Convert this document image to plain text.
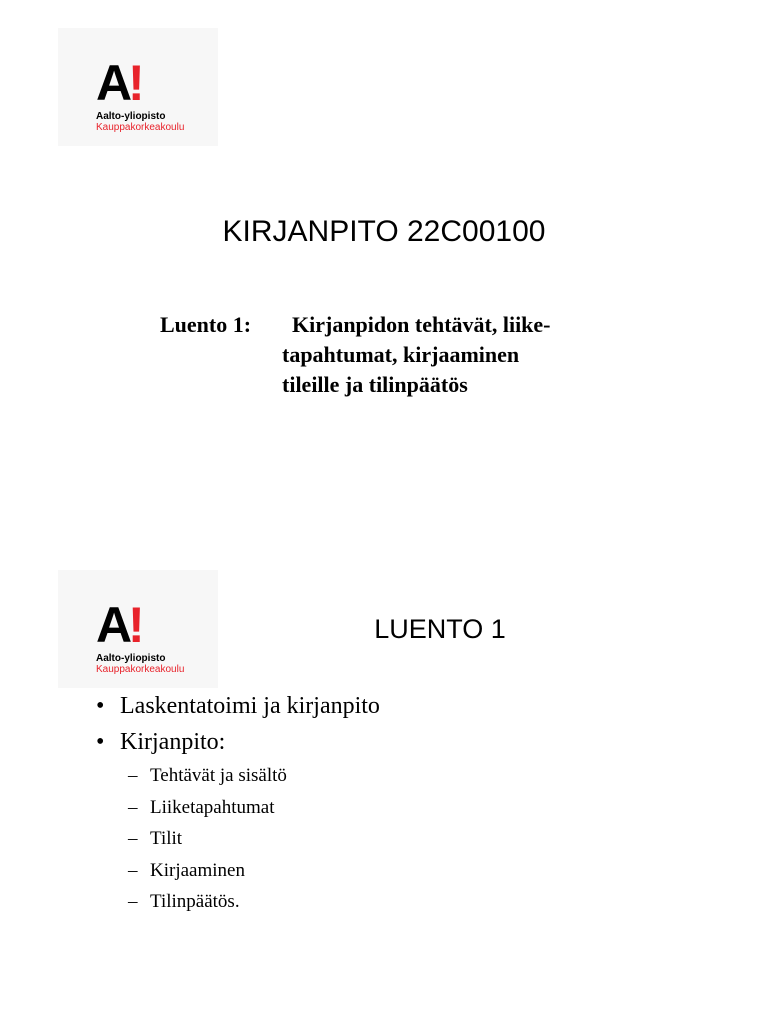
A
!
Aalto-yliopisto
Kauppakorkeakoulu
KIRJANPITO 22C00100
Luento 1: Kirjanpidon tehtävät, liike-
tapahtumat, kirjaaminen
tileille ja tilinpäätös
A
!
Aalto-yliopisto
Kauppakorkeakoulu
LUENTO 1
• Laskentatoimi ja kirjanpito
• Kirjanpito:
– Tehtävät ja sisältö
– Liiketapahtumat
– Tilit
– Kirjaaminen
– Tilinpäätös.
